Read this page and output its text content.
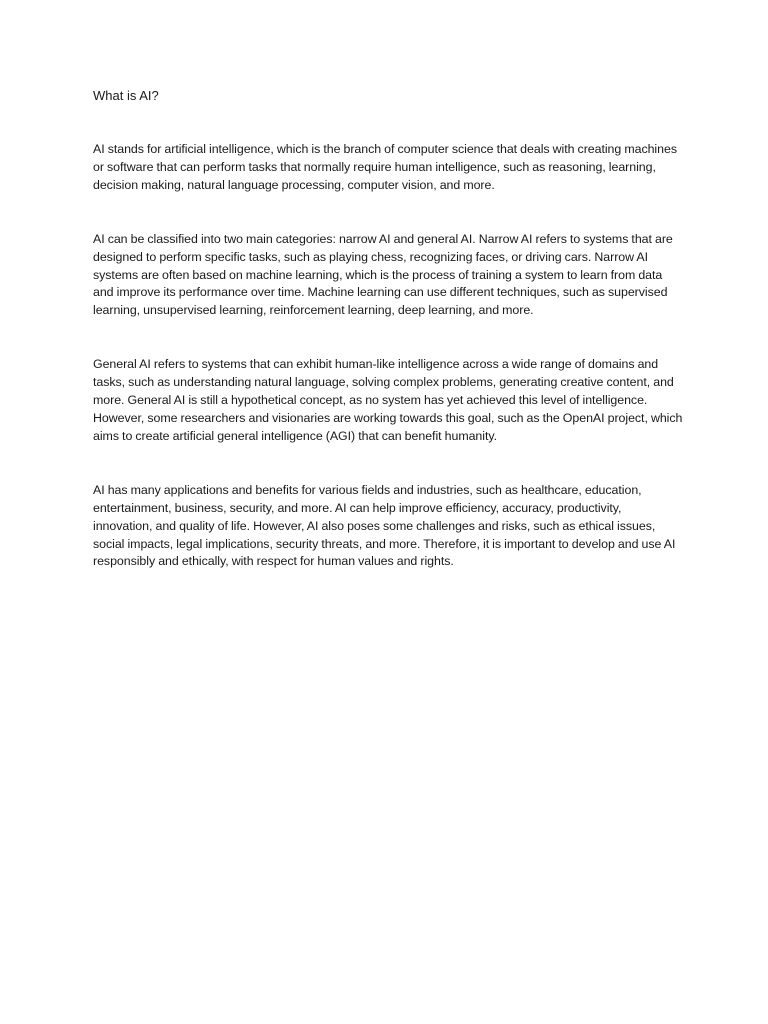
What is AI?

AI stands for artificial intelligence, which is the branch of computer science that deals with creating machines or software that can perform tasks that normally require human intelligence, such as reasoning, learning, decision making, natural language processing, computer vision, and more.

AI can be classified into two main categories: narrow AI and general AI. Narrow AI refers to systems that are designed to perform specific tasks, such as playing chess, recognizing faces, or driving cars. Narrow AI systems are often based on machine learning, which is the process of training a system to learn from data and improve its performance over time. Machine learning can use different techniques, such as supervised learning, unsupervised learning, reinforcement learning, deep learning, and more.

General AI refers to systems that can exhibit human-like intelligence across a wide range of domains and tasks, such as understanding natural language, solving complex problems, generating creative content, and more. General AI is still a hypothetical concept, as no system has yet achieved this level of intelligence. However, some researchers and visionaries are working towards this goal, such as the OpenAI project, which aims to create artificial general intelligence (AGI) that can benefit humanity.

AI has many applications and benefits for various fields and industries, such as healthcare, education, entertainment, business, security, and more. AI can help improve efficiency, accuracy, productivity, innovation, and quality of life. However, AI also poses some challenges and risks, such as ethical issues, social impacts, legal implications, security threats, and more. Therefore, it is important to develop and use AI responsibly and ethically, with respect for human values and rights.
